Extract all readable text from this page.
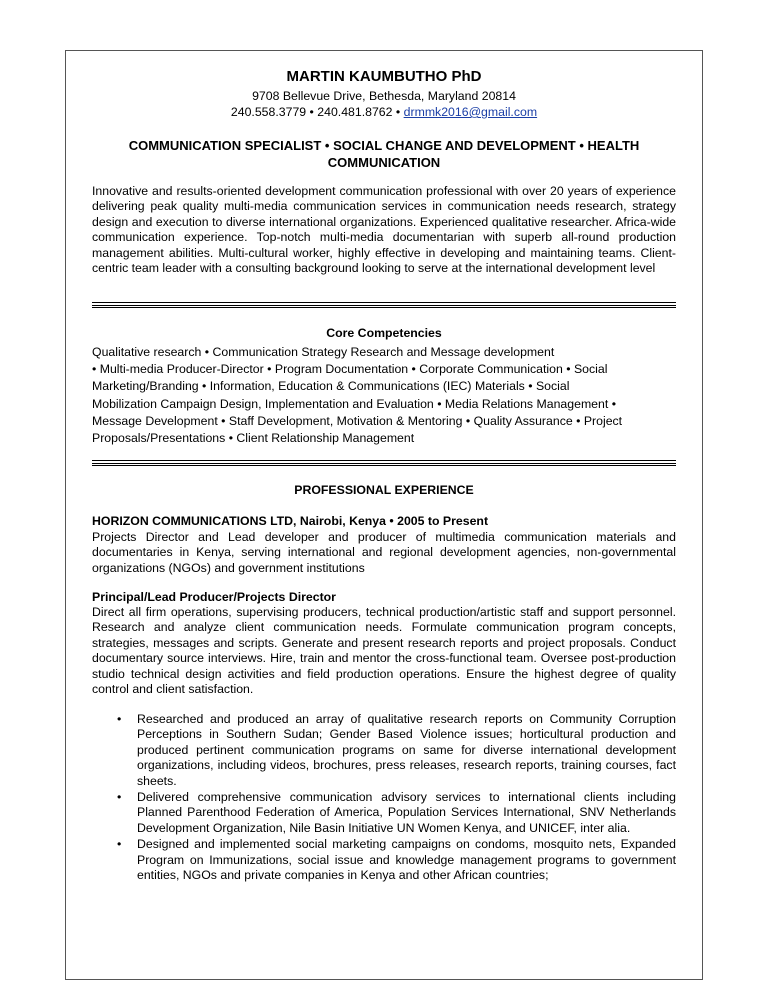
MARTIN KAUMBUTHO PhD
9708 Bellevue Drive, Bethesda, Maryland 20814
240.558.3779 • 240.481.8762 • drmmk2016@gmail.com
COMMUNICATION SPECIALIST • SOCIAL CHANGE AND DEVELOPMENT • HEALTH
COMMUNICATION
Innovative and results-oriented development communication professional with over 20 years of experience delivering peak quality multi-media communication services in communication needs research, strategy design and execution to diverse international organizations. Experienced qualitative researcher. Africa-wide communication experience. Top-notch multi-media documentarian with superb all-round production management abilities. Multi-cultural worker, highly effective in developing and maintaining teams. Client-centric team leader with a consulting background looking to serve at the international development level
Core Competencies
Qualitative research • Communication Strategy Research and Message development
• Multi-media Producer-Director • Program Documentation • Corporate Communication • Social
Marketing/Branding • Information, Education & Communications (IEC) Materials • Social
Mobilization Campaign Design, Implementation and Evaluation • Media Relations Management •
Message Development • Staff Development, Motivation & Mentoring • Quality Assurance • Project
Proposals/Presentations • Client Relationship Management
PROFESSIONAL EXPERIENCE
HORIZON COMMUNICATIONS LTD, Nairobi, Kenya • 2005 to Present
Projects Director and Lead developer and producer of multimedia communication materials and documentaries in Kenya, serving international and regional development agencies, non-governmental organizations (NGOs) and government institutions
Principal/Lead Producer/Projects Director
Direct all firm operations, supervising producers, technical production/artistic staff and support personnel. Research and analyze client communication needs. Formulate communication program concepts, strategies, messages and scripts. Generate and present research reports and project proposals. Conduct documentary source interviews. Hire, train and mentor the cross-functional team. Oversee post-production studio technical design activities and field production operations. Ensure the highest degree of quality control and client satisfaction.
• Researched and produced an array of qualitative research reports on Community Corruption Perceptions in Southern Sudan; Gender Based Violence issues; horticultural production and produced pertinent communication programs on same for diverse international development organizations, including videos, brochures, press releases, research reports, training courses, fact sheets.
• Delivered comprehensive communication advisory services to international clients including Planned Parenthood Federation of America, Population Services International, SNV Netherlands Development Organization, Nile Basin Initiative UN Women Kenya, and UNICEF, inter alia.
• Designed and implemented social marketing campaigns on condoms, mosquito nets, Expanded Program on Immunizations, social issue and knowledge management programs to government entities, NGOs and private companies in Kenya and other African countries;
